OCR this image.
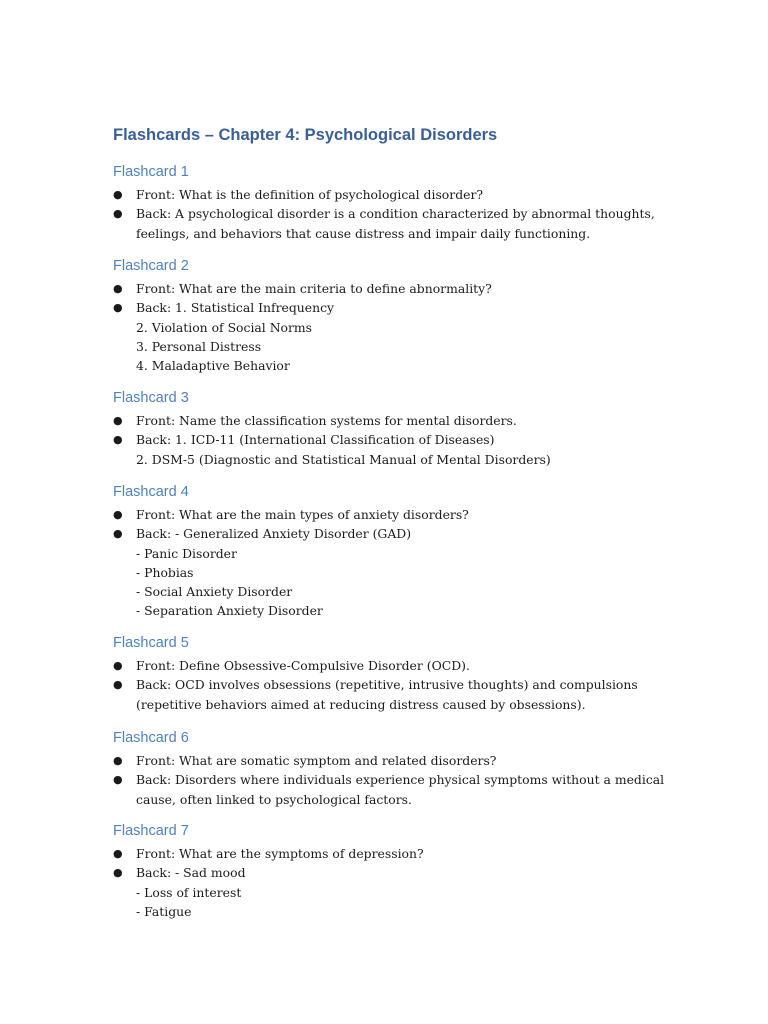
Flashcards – Chapter 4: Psychological Disorders
Flashcard 1
● Front: What is the definition of psychological disorder?
● Back: A psychological disorder is a condition characterized by abnormal thoughts,
feelings, and behaviors that cause distress and impair daily functioning.
Flashcard 2
● Front: What are the main criteria to define abnormality?
● Back: 1. Statistical Infrequency
2. Violation of Social Norms
3. Personal Distress
4. Maladaptive Behavior
Flashcard 3
● Front: Name the classification systems for mental disorders.
● Back: 1. ICD-11 (International Classification of Diseases)
2. DSM-5 (Diagnostic and Statistical Manual of Mental Disorders)
Flashcard 4
● Front: What are the main types of anxiety disorders?
● Back: - Generalized Anxiety Disorder (GAD)
- Panic Disorder
- Phobias
- Social Anxiety Disorder
- Separation Anxiety Disorder
Flashcard 5
● Front: Define Obsessive-Compulsive Disorder (OCD).
● Back: OCD involves obsessions (repetitive, intrusive thoughts) and compulsions
(repetitive behaviors aimed at reducing distress caused by obsessions).
Flashcard 6
● Front: What are somatic symptom and related disorders?
● Back: Disorders where individuals experience physical symptoms without a medical
cause, often linked to psychological factors.
Flashcard 7
● Front: What are the symptoms of depression?
● Back: - Sad mood
- Loss of interest
- Fatigue
